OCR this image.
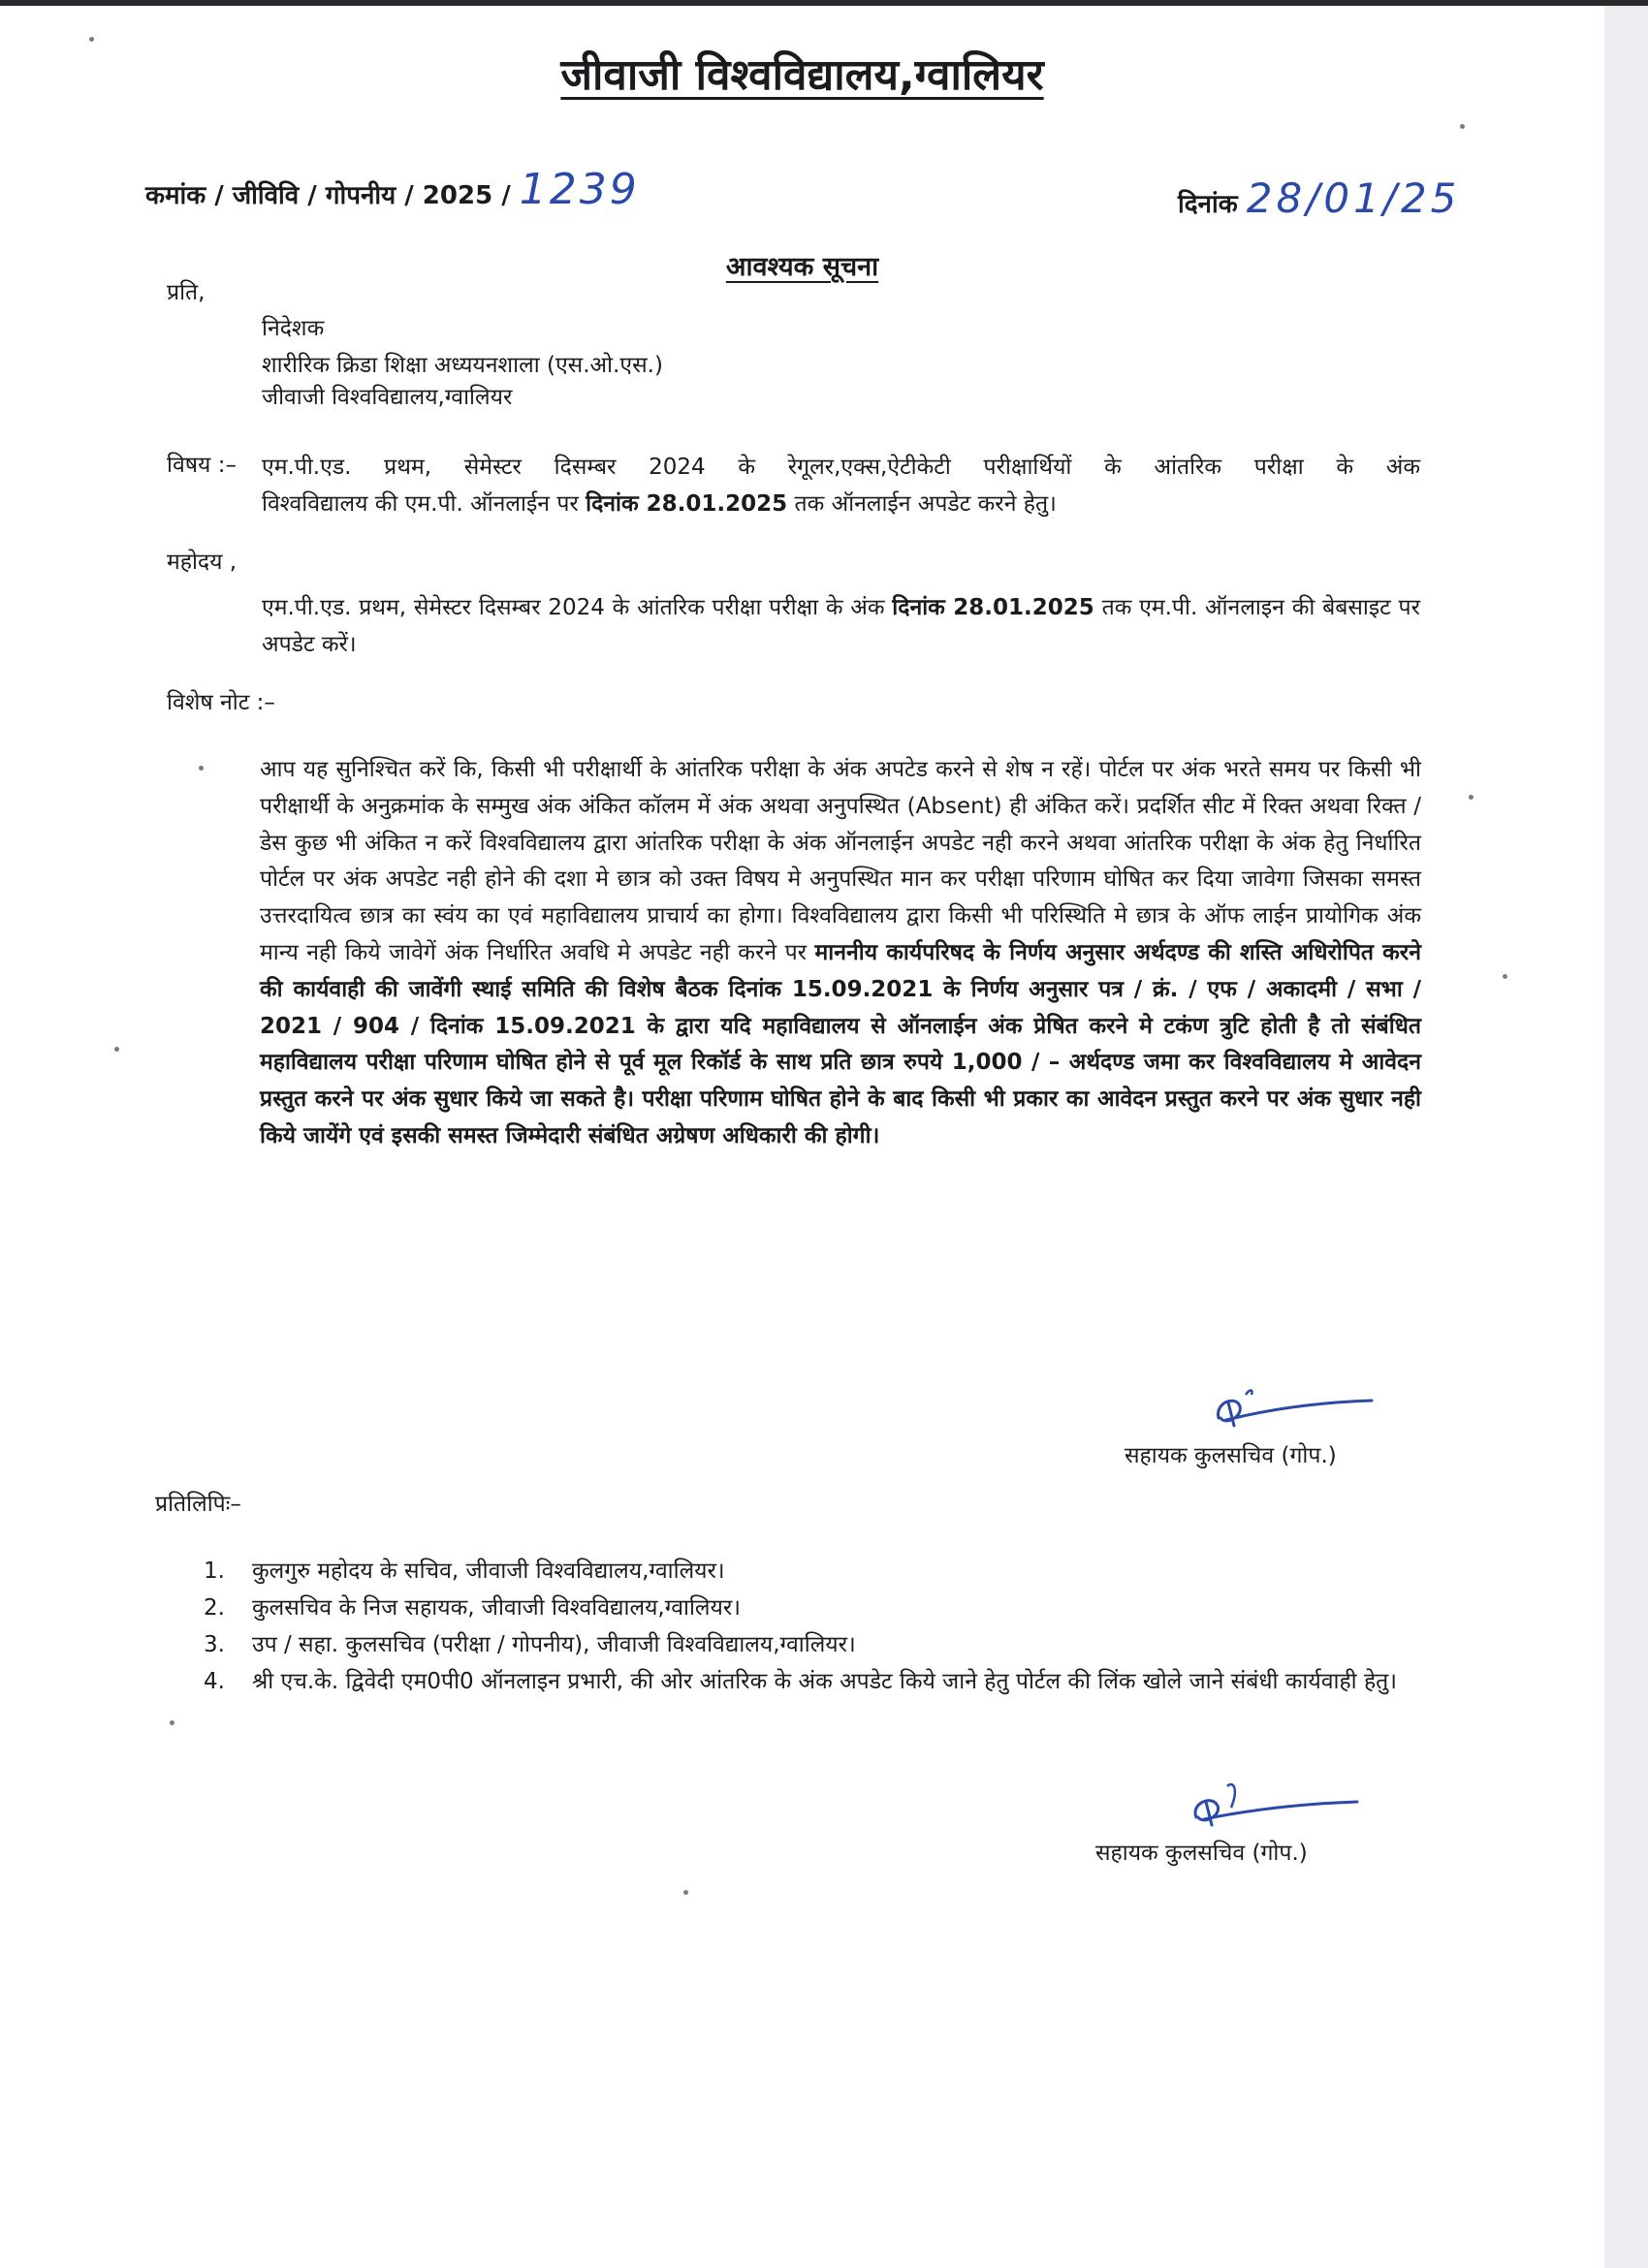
जीवाजी विश्वविद्यालय,ग्वालियर
कमांक / जीविवि / गोपनीय / 2025 / 1239	दिनांक 28/01/25
आवश्यक सूचना
प्रति,
निदेशक
शारीरिक क्रिडा शिक्षा अध्ययनशाला (एस.ओ.एस.)
जीवाजी विश्वविद्यालय,ग्वालियर
विषय :– एम.पी.एड. प्रथम, सेमेस्टर दिसम्बर 2024 के रेगूलर,एक्स,ऐटीकेटी परीक्षार्थियों के आंतरिक परीक्षा के अंक
विश्वविद्यालय की एम.पी. ऑनलाईन पर दिनांक 28.01.2025 तक ऑनलाईन अपडेट करने हेतु।
महोदय ,
एम.पी.एड. प्रथम, सेमेस्टर दिसम्बर 2024 के आंतरिक परीक्षा परीक्षा के अंक दिनांक 28.01.2025 तक एम.पी. ऑनलाइन की बेबसाइट पर अपडेट करें।
विशेष नोट :–
आप यह सुनिश्चित करें कि, किसी भी परीक्षार्थी के आंतरिक परीक्षा के अंक अपटेड करने से शेष न रहें। पोर्टल पर अंक भरते समय पर किसी भी परीक्षार्थी के अनुक्रमांक के सम्मुख अंक अंकित कॉलम में अंक अथवा अनुपस्थित (Absent) ही अंकित करें। प्रदर्शित सीट में रिक्त अथवा रिक्त / डेस कुछ भी अंकित न करें विश्वविद्यालय द्वारा आंतरिक परीक्षा के अंक ऑनलाईन अपडेट नही करने अथवा आंतरिक परीक्षा के अंक हेतु निर्धारित पोर्टल पर अंक अपडेट नही होने की दशा मे छात्र को उक्त विषय मे अनुपस्थित मान कर परीक्षा परिणाम घोषित कर दिया जावेगा जिसका समस्त उत्तरदायित्व छात्र का स्वंय का एवं महाविद्यालय प्राचार्य का होगा। विश्वविद्यालय द्वारा किसी भी परिस्थिति मे छात्र के ऑफ लाईन प्रायोगिक अंक मान्य नही किये जावेगें अंक निर्धारित अवधि मे अपडेट नही करने पर माननीय कार्यपरिषद के निर्णय अनुसार अर्थदण्ड की शस्ति अधिरोपित करने की कार्यवाही की जावेंगी स्थाई समिति की विशेष बैठक दिनांक 15.09.2021 के निर्णय अनुसार पत्र / क्रं. / एफ / अकादमी / सभा / 2021 / 904 / दिनांक 15.09.2021 के द्वारा यदि महाविद्यालय से ऑनलाईन अंक प्रेषित करने मे टकंण त्रुटि होती है तो संबंधित महाविद्यालय परीक्षा परिणाम घोषित होने से पूर्व मूल रिकॉर्ड के साथ प्रति छात्र रुपये 1,000 / – अर्थदण्ड जमा कर विश्वविद्यालय मे आवेदन प्रस्तुत करने पर अंक सुधार किये जा सकते है। परीक्षा परिणाम घोषित होने के बाद किसी भी प्रकार का आवेदन प्रस्तुत करने पर अंक सुधार नही किये जायेंगे एवं इसकी समस्त जिम्मेदारी संबंधित अग्रेषण अधिकारी की होगी।
सहायक कुलसचिव (गोप.)
प्रतिलिपिः–
1. कुलगुरु महोदय के सचिव, जीवाजी विश्वविद्यालय,ग्वालियर।
2. कुलसचिव के निज सहायक, जीवाजी विश्वविद्यालय,ग्वालियर।
3. उप / सहा. कुलसचिव (परीक्षा / गोपनीय), जीवाजी विश्वविद्यालय,ग्वालियर।
4. श्री एच.के. द्विवेदी एम0पी0 ऑनलाइन प्रभारी, की ओर आंतरिक के अंक अपडेट किये जाने हेतु पोर्टल की लिंक खोले जाने संबंधी कार्यवाही हेतु।
सहायक कुलसचिव (गोप.)
